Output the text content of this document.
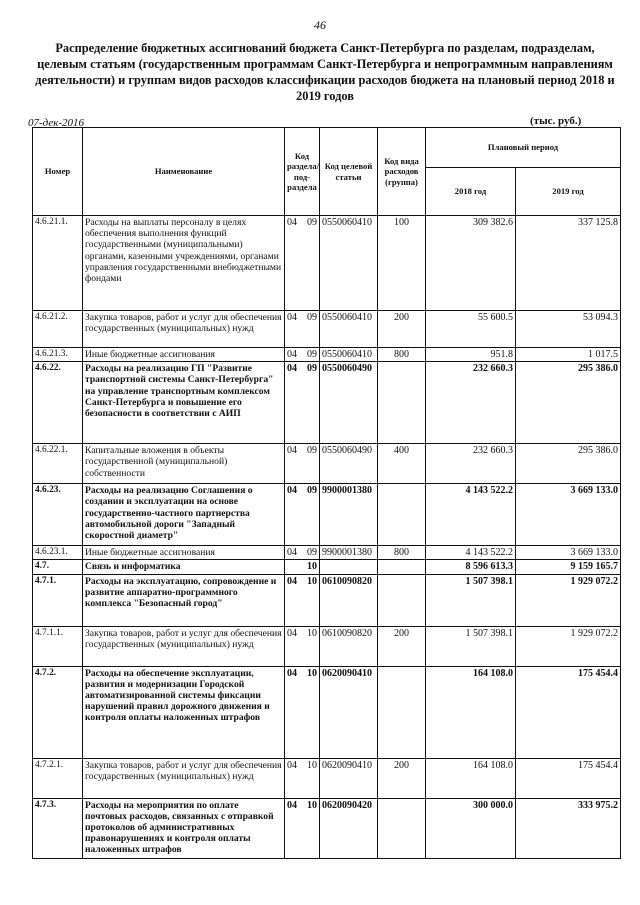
46
Распределение бюджетных ассигнований бюджета Санкт-Петербурга по разделам, подразделам, целевым статьям (государственным программам Санкт-Петербурга и непрограммным направлениям деятельности) и группам видов расходов классификации расходов бюджета на плановый период 2018 и 2019 годов
07-дек-2016	(тыс. руб.)
Номер	Наименование	Код раздела/ под- раздела		Код целевой статьи	Код вида расходов (группа)	Плановый период	
						2018 год	2019 год
4.6.21.1.	Расходы на выплаты персоналу в целях обеспечения выполнения функций государственными (муниципальными) органами, казенными учреждениями, органами управления государственными внебюджетными фондами	04	09	0550060410	100	309 382.6	337 125.8
4.6.21.2.	Закупка товаров, работ и услуг для обеспечения государственных (муниципальных) нужд	04	09	0550060410	200	55 600.5	53 094.3
4.6.21.3.	Иные бюджетные ассигнования	04	09	0550060410	800	951.8	1 017.5
4.6.22.	Расходы на реализацию ГП "Развитие транспортной системы Санкт-Петербурга" на управление транспортным комплексом Санкт-Петербурга и повышение его безопасности в соответствии с АИП	04	09	0550060490		232 660.3	295 386.0
4.6.22.1.	Капитальные вложения в объекты государственной (муниципальной) собственности	04	09	0550060490	400	232 660.3	295 386.0
4.6.23.	Расходы на реализацию Соглашения о создании и эксплуатации на основе государственно-частного партнерства автомобильной дороги "Западный скоростной диаметр"	04	09	9900001380		4 143 522.2	3 669 133.0
4.6.23.1.	Иные бюджетные ассигнования	04	09	9900001380	800	4 143 522.2	3 669 133.0
4.7.	Связь и информатика		10			8 596 613.3	9 159 165.7
4.7.1.	Расходы на эксплуатацию, сопровождение и развитие аппаратно-программного комплекса "Безопасный город"	04	10	0610090820		1 507 398.1	1 929 072.2
4.7.1.1.	Закупка товаров, работ и услуг для обеспечения государственных (муниципальных) нужд	04	10	0610090820	200	1 507 398.1	1 929 072.2
4.7.2.	Расходы на обеспечение эксплуатации, развития и модернизации Городской автоматизированной системы фиксации нарушений правил дорожного движения и контроля оплаты наложенных штрафов	04	10	0620090410		164 108.0	175 454.4
4.7.2.1.	Закупка товаров, работ и услуг для обеспечения государственных (муниципальных) нужд	04	10	0620090410	200	164 108.0	175 454.4
4.7.3.	Расходы на мероприятия по оплате почтовых расходов, связанных с отправкой протоколов об административных правонарушениях и контроля оплаты наложенных штрафов	04	10	0620090420		300 000.0	333 975.2
